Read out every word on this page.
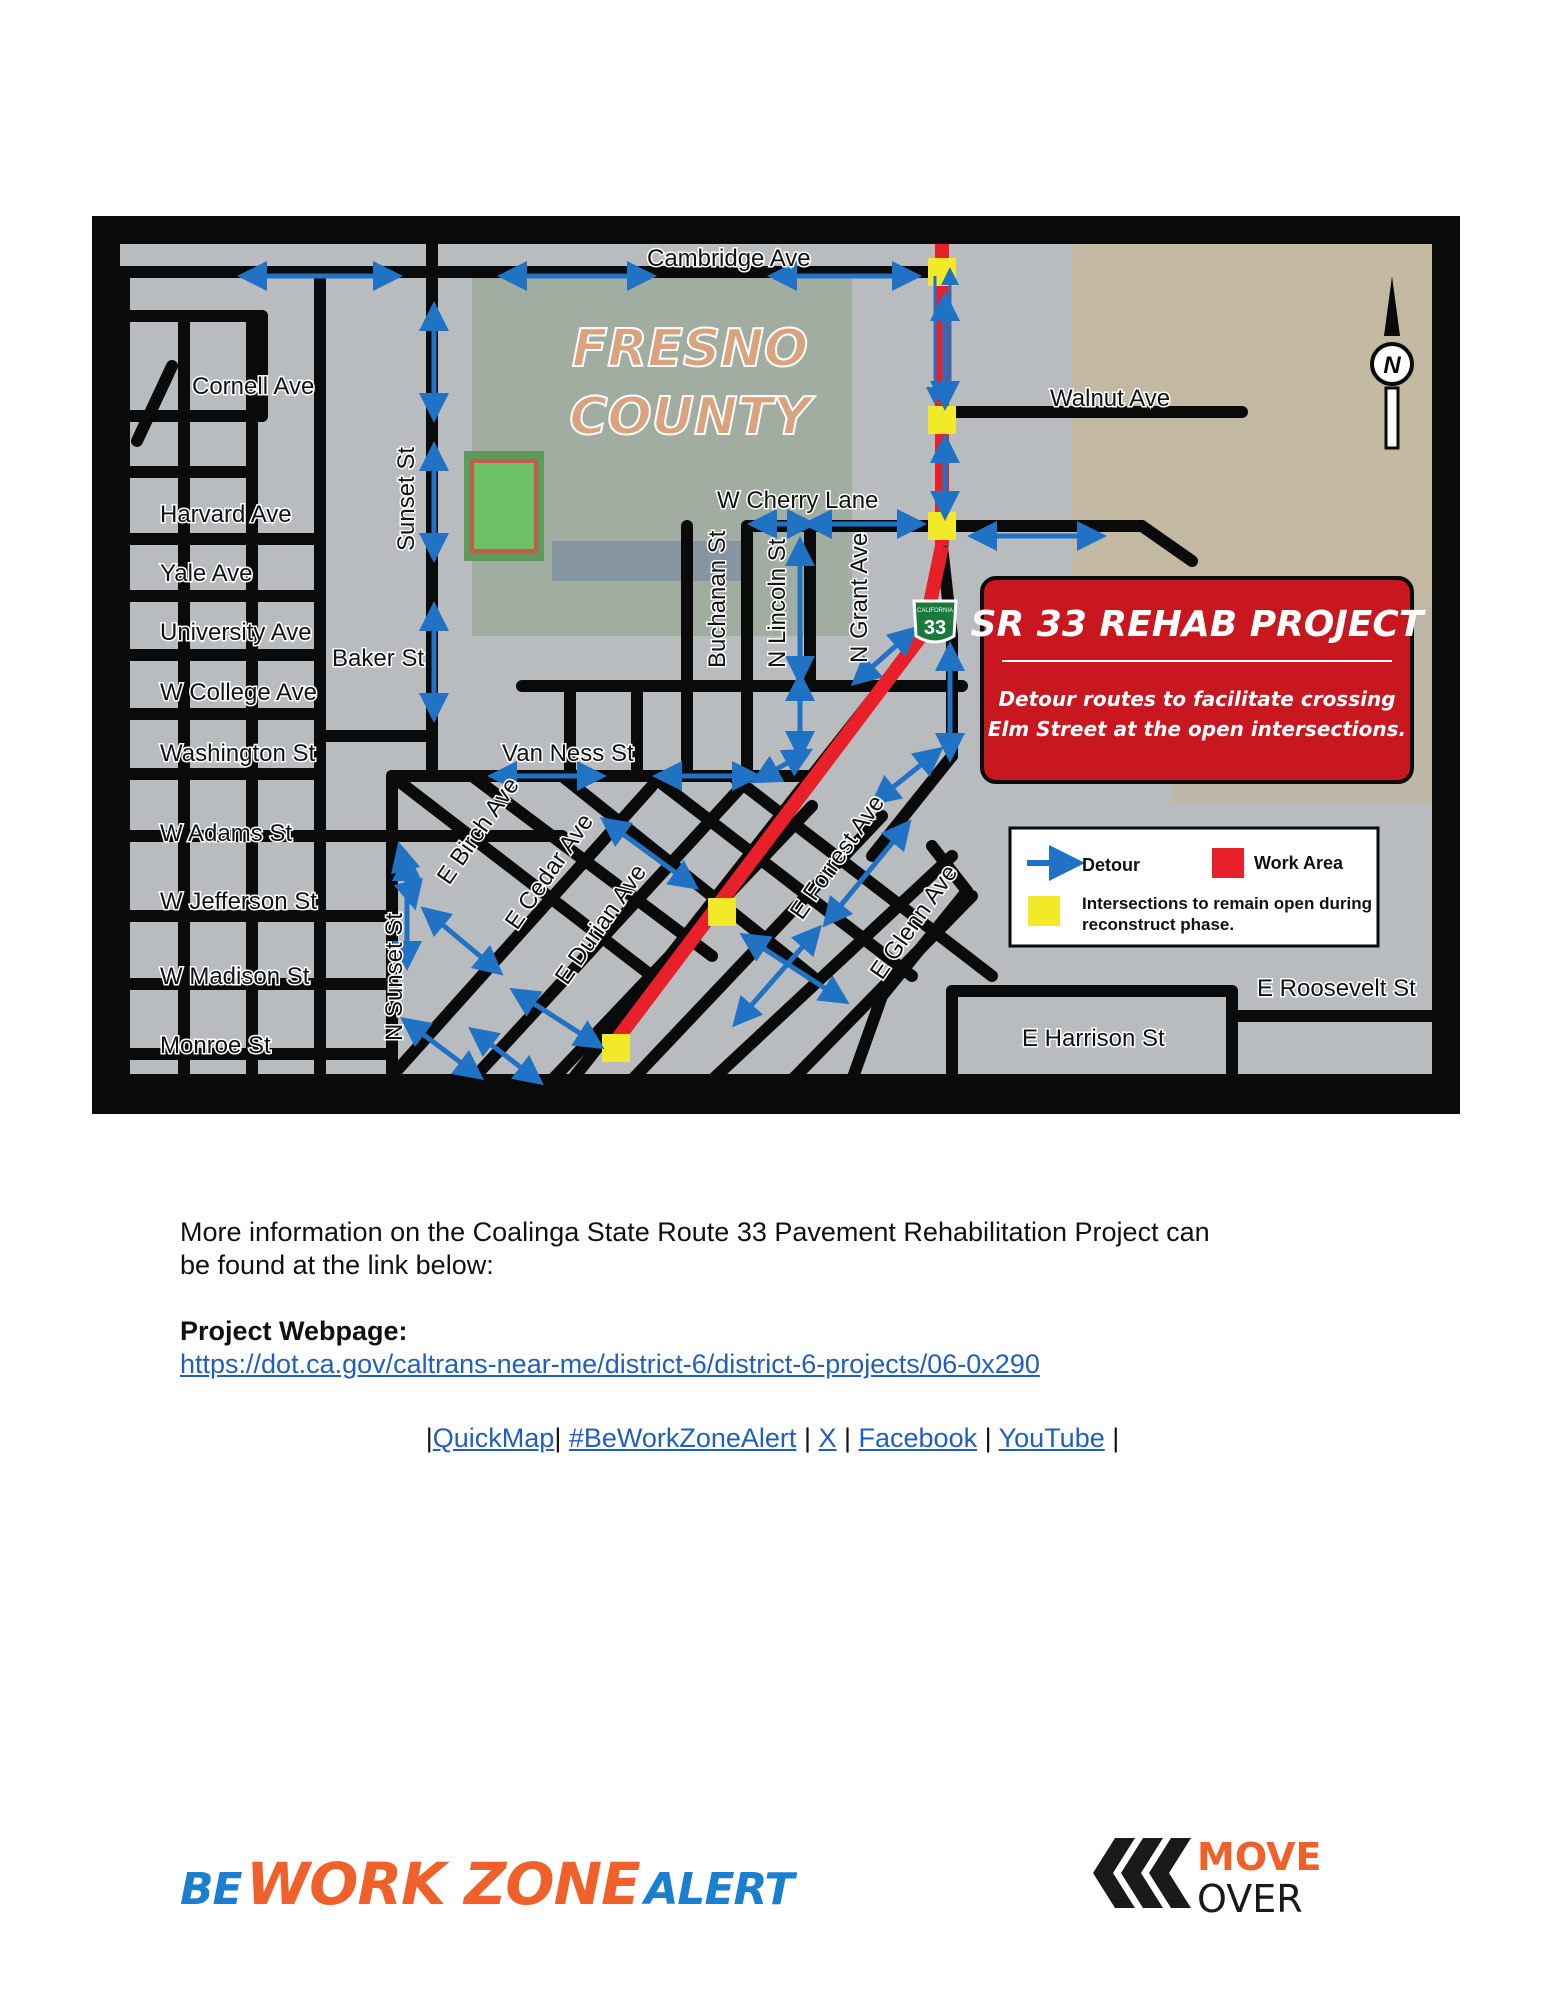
FRESNO
COUNTY
Cambridge Ave
Walnut Ave
Cornell Ave
Harvard Ave
Yale Ave
University Ave
W College Ave
Washington St
W Adams St
W Jefferson St
W Madison St
Monroe St
Baker St
Van Ness St
W Cherry Lane
E Roosevelt St
E Harrison St
Sunset St
N Sunset St
Buchanan St N Lincoln St N Grant Ave
E Birch Ave
E Cedar Ave
E Durian Ave
E Forrest Ave
E Glenn Ave
CALIFORNIA
33
N
SR 33 REHAB PROJECT
Detour routes to facilitate crossing
Elm Street at the open intersections.
Detour	Work Area
Intersections to remain open during
reconstruct phase.

More information on the Coalinga State Route 33 Pavement Rehabilitation Project can

be found at the link below:

Project Webpage:

https://dot.ca.gov/caltrans-near-me/district-6/district-6-projects/06-0x290

|QuickMap| #BeWorkZoneAlert | X | Facebook | YouTube |
BE WORK ZONE ALERT
MOVE
OVER
